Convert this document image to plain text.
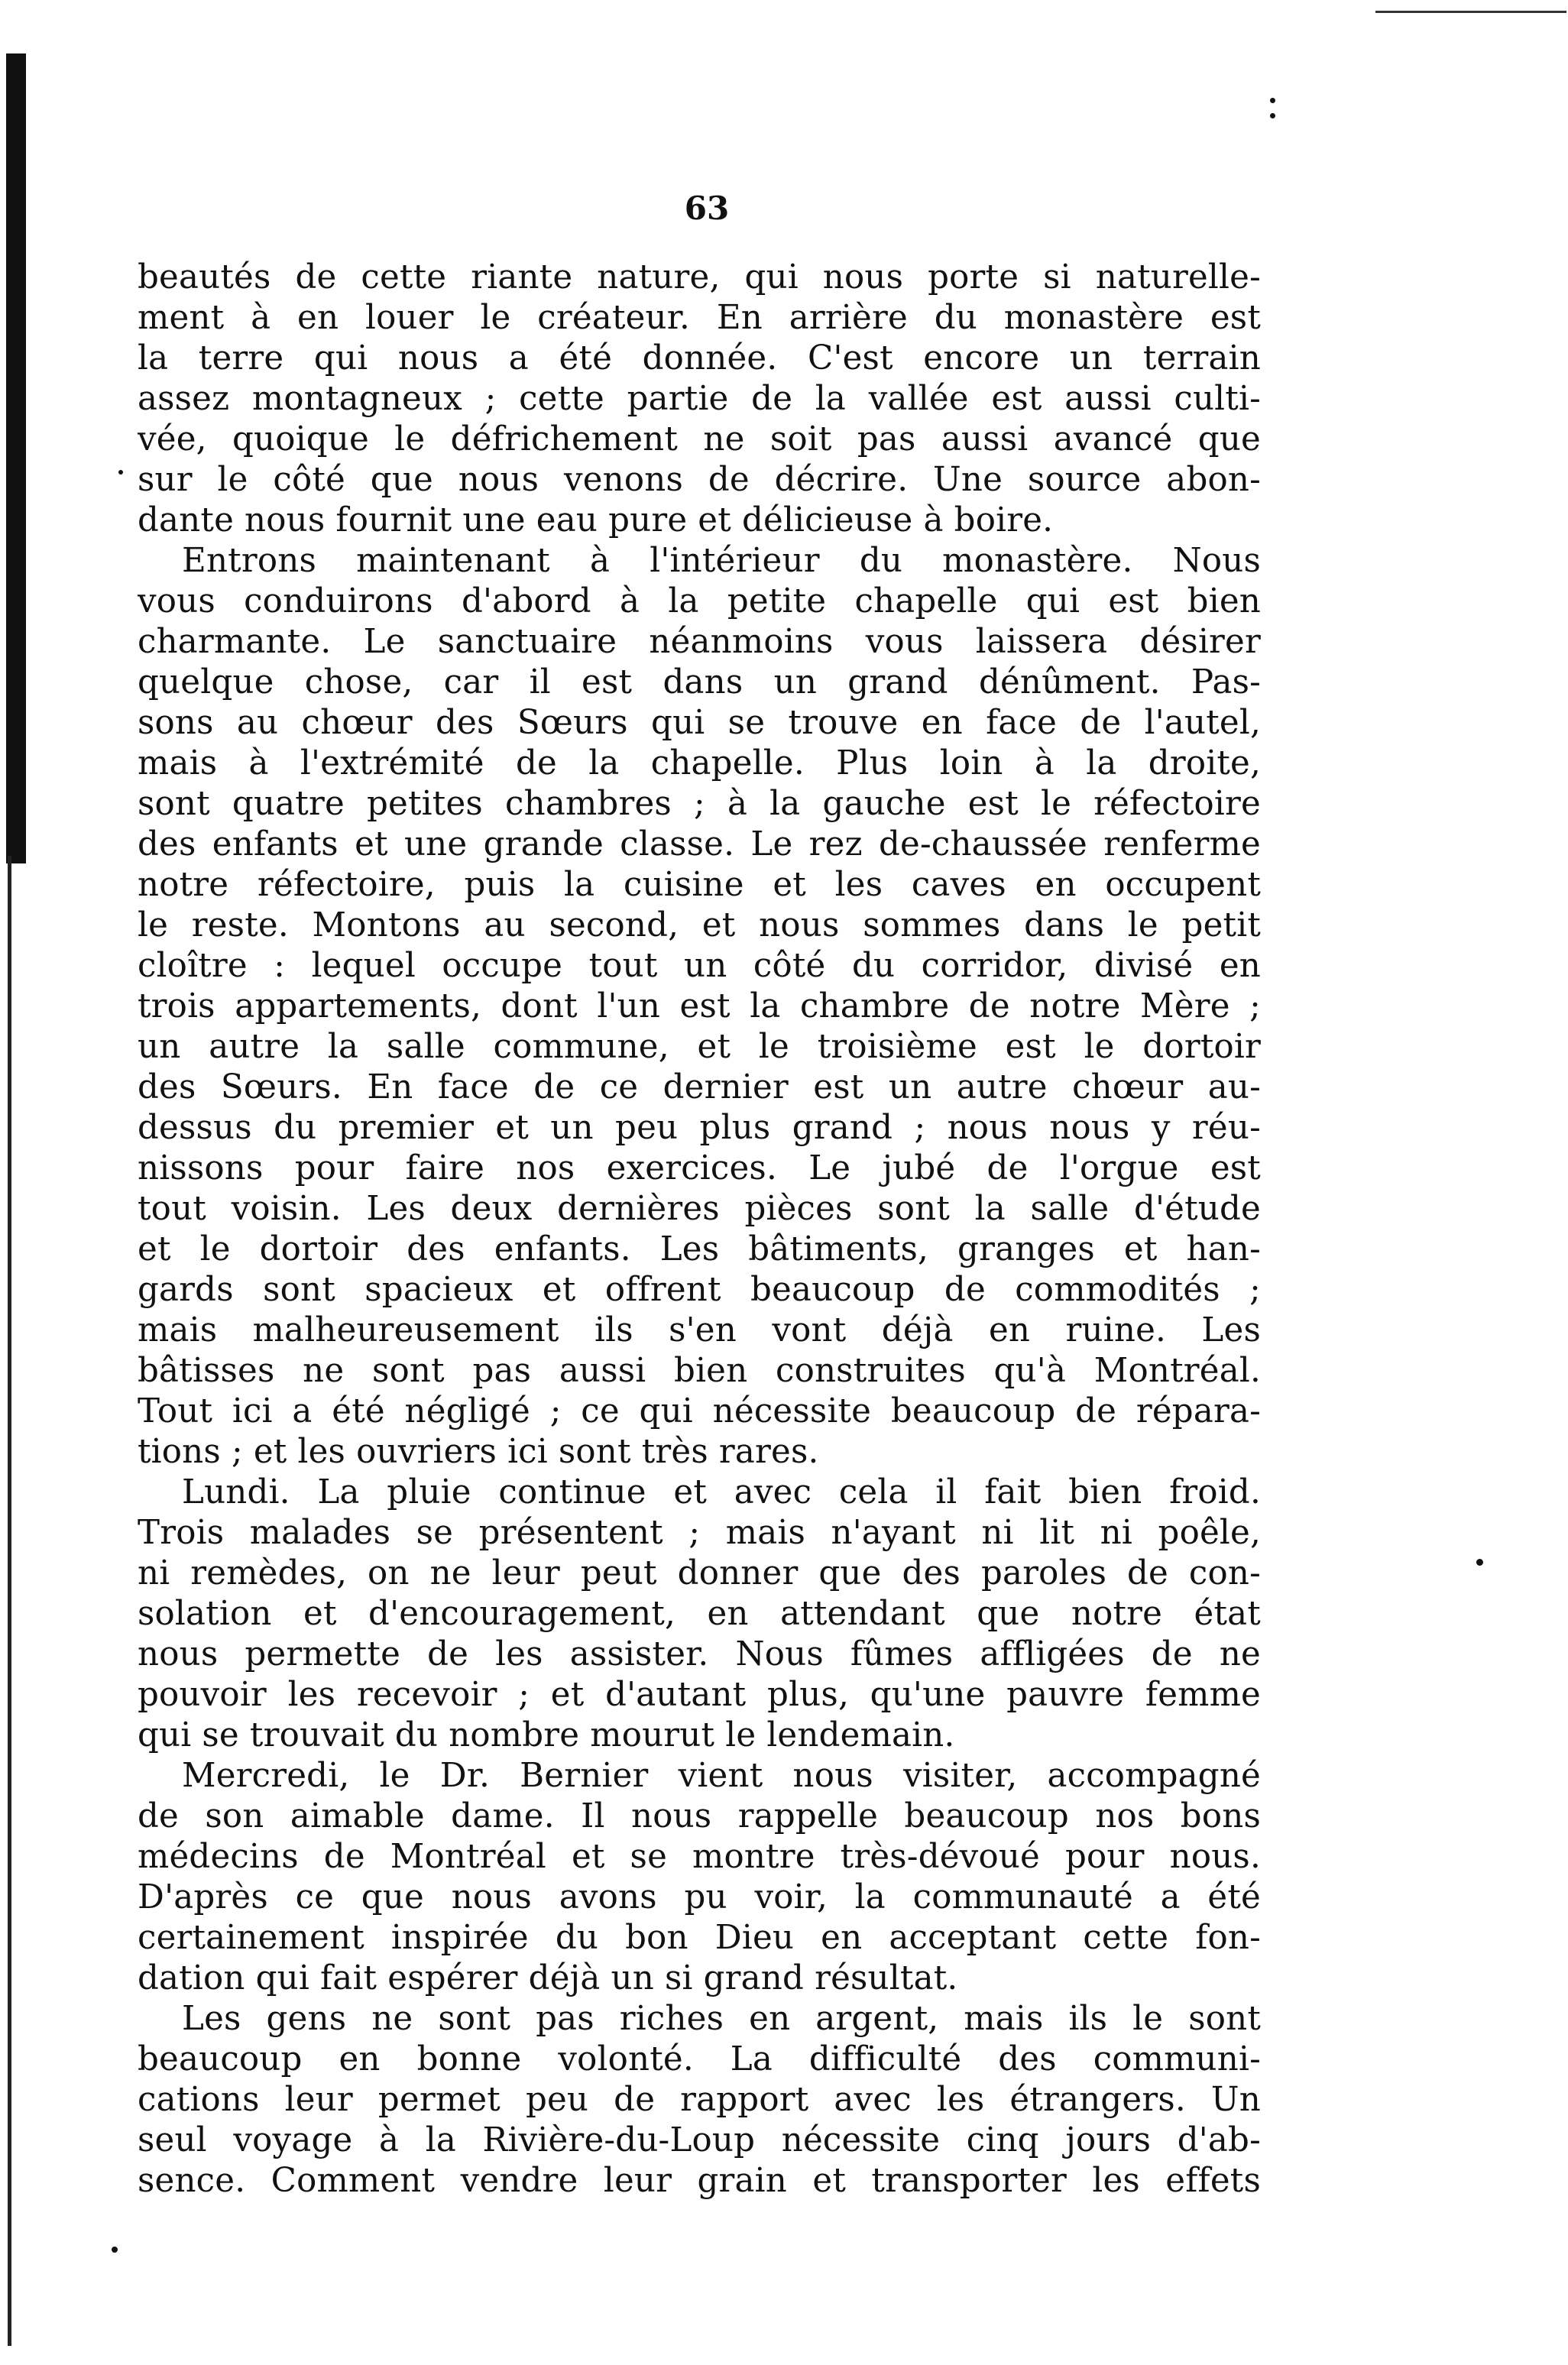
63
beautés de cette riante nature, qui nous porte si naturelle-
ment à en louer le créateur. En arrière du monastère est
la terre qui nous a été donnée. C'est encore un terrain
assez montagneux ; cette partie de la vallée est aussi culti-
vée, quoique le défrichement ne soit pas aussi avancé que
sur le côté que nous venons de décrire. Une source abon-
dante nous fournit une eau pure et délicieuse à boire.
Entrons maintenant à l'intérieur du monastère. Nous
vous conduirons d'abord à la petite chapelle qui est bien
charmante. Le sanctuaire néanmoins vous laissera désirer
quelque chose, car il est dans un grand dénûment. Pas-
sons au chœur des Sœurs qui se trouve en face de l'autel,
mais à l'extrémité de la chapelle. Plus loin à la droite,
sont quatre petites chambres ; à la gauche est le réfectoire
des enfants et une grande classe. Le rez de-chaussée renferme
notre réfectoire, puis la cuisine et les caves en occupent
le reste. Montons au second, et nous sommes dans le petit
cloître : lequel occupe tout un côté du corridor, divisé en
trois appartements, dont l'un est la chambre de notre Mère ;
un autre la salle commune, et le troisième est le dortoir
des Sœurs. En face de ce dernier est un autre chœur au-
dessus du premier et un peu plus grand ; nous nous y réu-
nissons pour faire nos exercices. Le jubé de l'orgue est
tout voisin. Les deux dernières pièces sont la salle d'étude
et le dortoir des enfants. Les bâtiments, granges et han-
gards sont spacieux et offrent beaucoup de commodités ;
mais malheureusement ils s'en vont déjà en ruine. Les
bâtisses ne sont pas aussi bien construites qu'à Montréal.
Tout ici a été négligé ; ce qui nécessite beaucoup de répara-
tions ; et les ouvriers ici sont très rares.
Lundi. La pluie continue et avec cela il fait bien froid.
Trois malades se présentent ; mais n'ayant ni lit ni poêle,
ni remèdes, on ne leur peut donner que des paroles de con-
solation et d'encouragement, en attendant que notre état
nous permette de les assister. Nous fûmes affligées de ne
pouvoir les recevoir ; et d'autant plus, qu'une pauvre femme
qui se trouvait du nombre mourut le lendemain.
Mercredi, le Dr. Bernier vient nous visiter, accompagné
de son aimable dame. Il nous rappelle beaucoup nos bons
médecins de Montréal et se montre très-dévoué pour nous.
D'après ce que nous avons pu voir, la communauté a été
certainement inspirée du bon Dieu en acceptant cette fon-
dation qui fait espérer déjà un si grand résultat.
Les gens ne sont pas riches en argent, mais ils le sont
beaucoup en bonne volonté. La difficulté des communi-
cations leur permet peu de rapport avec les étrangers. Un
seul voyage à la Rivière-du-Loup nécessite cinq jours d'ab-
sence. Comment vendre leur grain et transporter les effets
